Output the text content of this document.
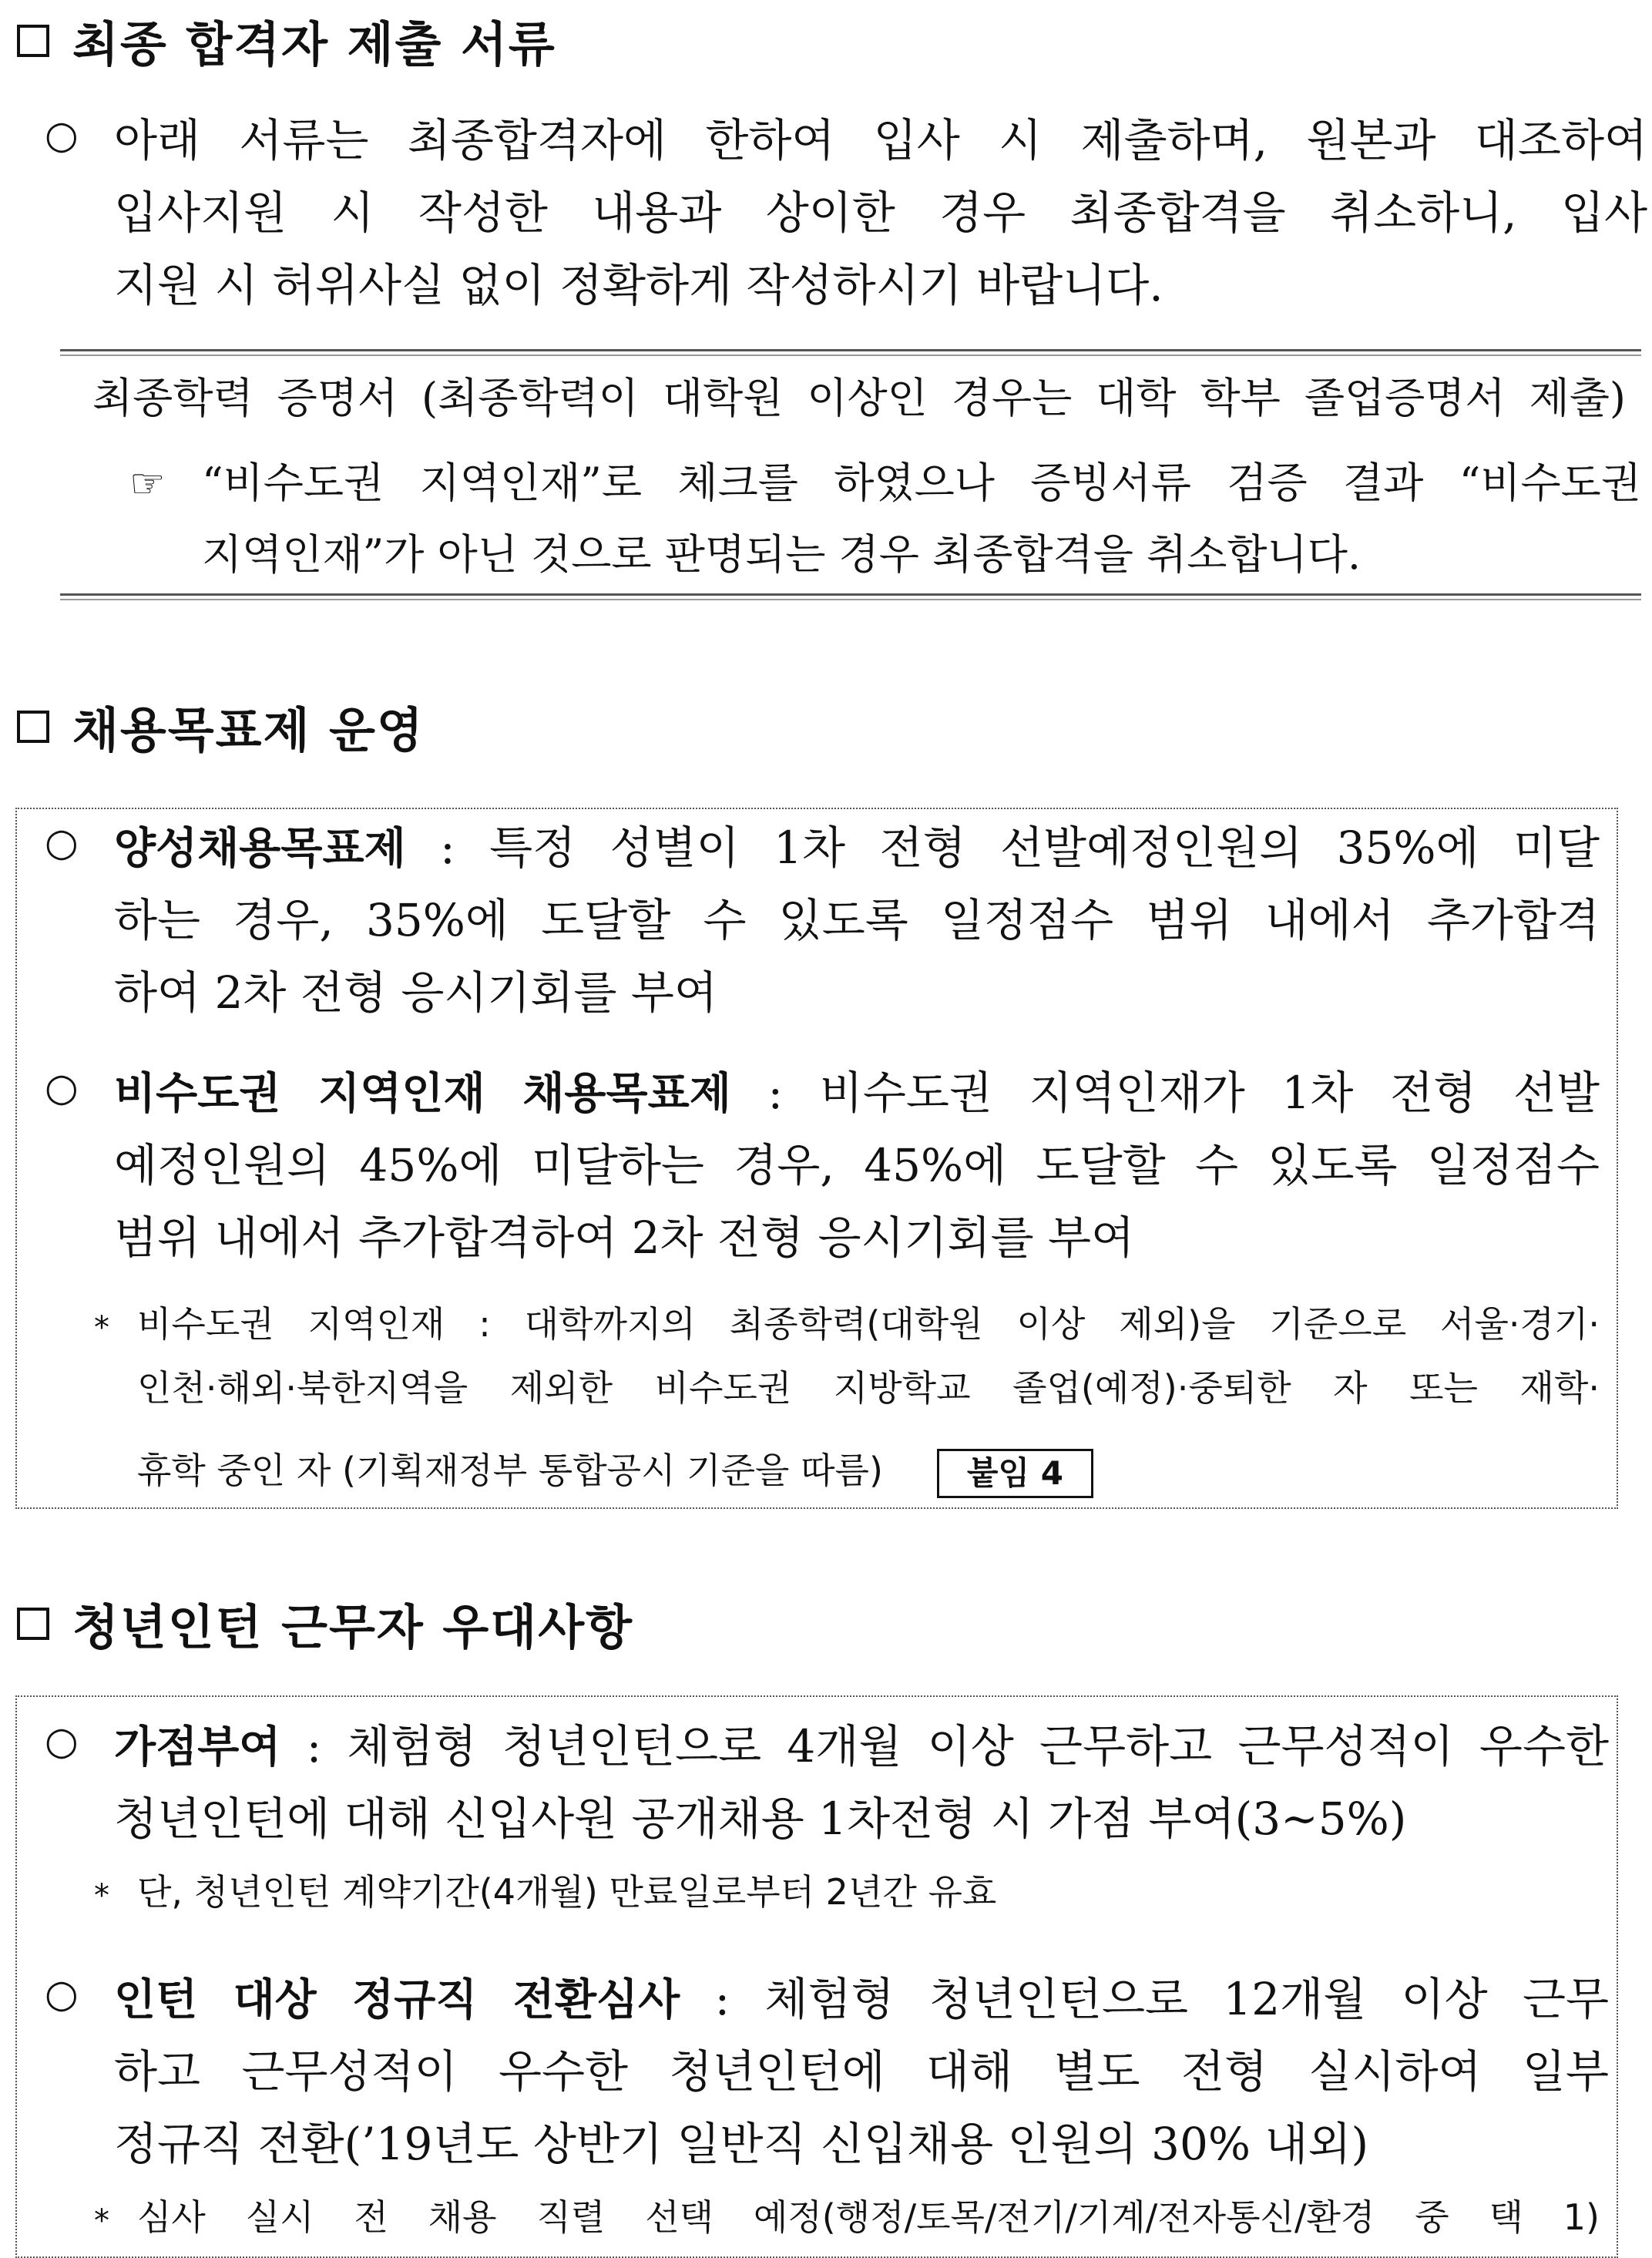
최종 합격자 제출 서류
○ 아래 서류는 최종합격자에 한하여 입사 시 제출하며, 원본과 대조하여
입사지원 시 작성한 내용과 상이한 경우 최종합격을 취소하니, 입사
지원 시 허위사실 없이 정확하게 작성하시기 바랍니다.
최종학력 증명서 (최종학력이 대학원 이상인 경우는 대학 학부 졸업증명서 제출)
☞ “비수도권 지역인재”로 체크를 하였으나 증빙서류 검증 결과 “비수도권
지역인재”가 아닌 것으로 판명되는 경우 최종합격을 취소합니다.
채용목표제 운영
○ 양성채용목표제 : 특정 성별이 1차 전형 선발예정인원의 35%에 미달
하는 경우, 35%에 도달할 수 있도록 일정점수 범위 내에서 추가합격
하여 2차 전형 응시기회를 부여
○ 비수도권 지역인재 채용목표제 : 비수도권 지역인재가 1차 전형 선발
예정인원의 45%에 미달하는 경우, 45%에 도달할 수 있도록 일정점수
범위 내에서 추가합격하여 2차 전형 응시기회를 부여
* 비수도권 지역인재 : 대학까지의 최종학력(대학원 이상 제외)을 기준으로 서울·경기·
인천·해외·북한지역을 제외한 비수도권 지방학교 졸업(예정)·중퇴한 자 또는 재학·
휴학 중인 자 (기획재정부 통합공시 기준을 따름)	붙임 4
청년인턴 근무자 우대사항
○ 가점부여 : 체험형 청년인턴으로 4개월 이상 근무하고 근무성적이 우수한
청년인턴에 대해 신입사원 공개채용 1차전형 시 가점 부여(3~5%)
* 단, 청년인턴 계약기간(4개월) 만료일로부터 2년간 유효
○ 인턴 대상 정규직 전환심사 : 체험형 청년인턴으로 12개월 이상 근무
하고 근무성적이 우수한 청년인턴에 대해 별도 전형 실시하여 일부
정규직 전환(’19년도 상반기 일반직 신입채용 인원의 30% 내외)
* 심사 실시 전 채용 직렬 선택 예정(행정/토목/전기/기계/전자통신/환경 중 택 1)
